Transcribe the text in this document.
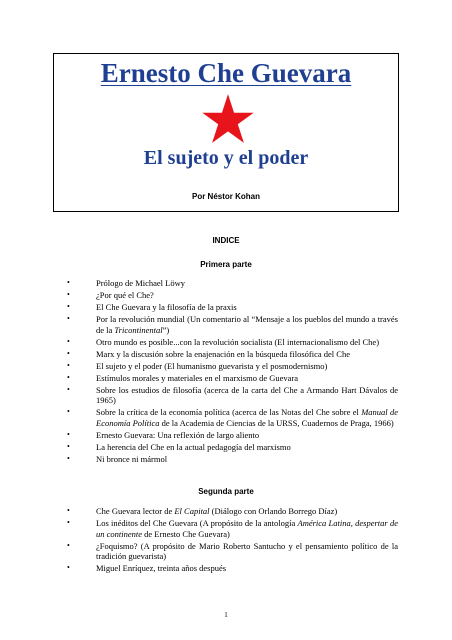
Ernesto Che Guevara
El sujeto y el poder

Por Néstor Kohan

INDICE

Primera parte

•	Prólogo de Michael Löwy
•	¿Por qué el Che?
•	El Che Guevara y la filosofía de la praxis
•	Por la revolución mundial (Un comentario al “Mensaje a los pueblos del mundo a través de la Tricontinental”)
•	Otro mundo es posible...con la revolución socialista (El internacionalismo del Che)
•	Marx y la discusión sobre la enajenación en la búsqueda filosófica del Che
•	El sujeto y el poder (El humanismo guevarista y el posmodernismo)
•	Estímulos morales y materiales en el marxismo de Guevara
•	Sobre los estudios de filosofía (acerca de la carta del Che a Armando Hart Dávalos de 1965)
•	Sobre la crítica de la economía política (acerca de las Notas del Che sobre el Manual de Economía Política de la Academia de Ciencias de la URSS, Cuadernos de Praga, 1966)
•	Ernesto Guevara: Una reflexión de largo aliento
•	La herencia del Che en la actual pedagogía del marxismo
•	Ni bronce ni mármol

Segunda parte

•	Che Guevara lector de El Capital (Diálogo con Orlando Borrego Díaz)
•	Los inéditos del Che Guevara (A propósito de la antología América Latina, despertar de un continente de Ernesto Che Guevara)
•	¿Foquismo? (A propósito de Mario Roberto Santucho y el pensamiento político de la tradición guevarista)
•	Miguel Enríquez, treinta años después

1
